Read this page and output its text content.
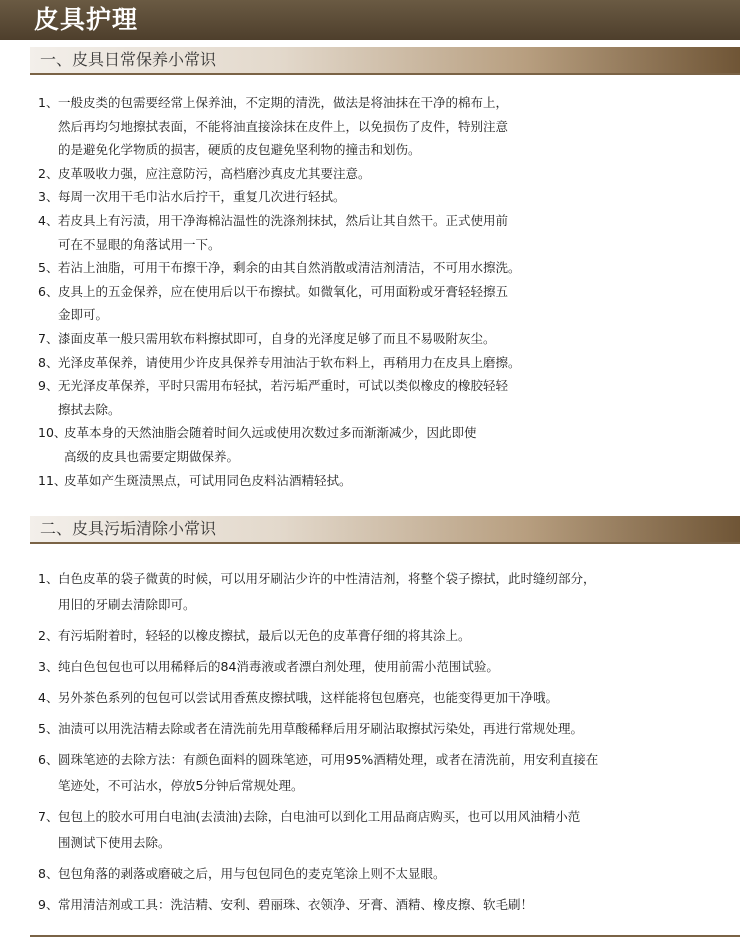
皮具护理
一、皮具日常保养小常识
1、 一般皮类的包需要经常上保养油，不定期的清洗，做法是将油抹在干净的棉布上，
然后再均匀地擦拭表面，不能将油直接涂抹在皮件上，以免损伤了皮件，特别注意
的是避免化学物质的损害，硬质的皮包避免坚利物的撞击和划伤。
2、 皮革吸收力强，应注意防污，高档磨沙真皮尤其要注意。
3、 每周一次用干毛巾沾水后拧干，重复几次进行轻拭。
4、 若皮具上有污渍，用干净海棉沾温性的洗涤剂抹拭，然后让其自然干。正式使用前
可在不显眼的角落试用一下。
5、 若沾上油脂，可用干布擦干净，剩余的由其自然消散或清洁剂清洁，不可用水擦洗。
6、 皮具上的五金保养，应在使用后以干布擦拭。如微氧化，可用面粉或牙膏轻轻擦五
金即可。
7、 漆面皮革一般只需用软布料擦拭即可，自身的光泽度足够了而且不易吸附灰尘。
8、 光泽皮革保养，请使用少许皮具保养专用油沾于软布料上，再稍用力在皮具上磨擦。
9、 无光泽皮革保养，平时只需用布轻拭，若污垢严重时，可试以类似橡皮的橡胶轻轻
擦拭去除。
10、
皮革本身的天然油脂会随着时间久远或使用次数过多而渐渐减少，因此即使
高级的皮具也需要定期做保养。
11、
皮革如产生斑渍黑点，可试用同色皮料沾酒精轻拭。
二、皮具污垢清除小常识
1、 白色皮革的袋子微黄的时候，可以用牙刷沾少许的中性清洁剂，将整个袋子擦拭，此时缝纫部分，
用旧的牙刷去清除即可。
2、 有污垢附着时，轻轻的以橡皮擦拭，最后以无色的皮革膏仔细的将其涂上。
3、 纯白色包包也可以用稀释后的84消毒液或者漂白剂处理，使用前需小范围试验。
4、 另外茶色系列的包包可以尝试用香蕉皮擦拭哦，这样能将包包磨亮，也能变得更加干净哦。
5、 油渍可以用洗洁精去除或者在清洗前先用草酸稀释后用牙刷沾取擦拭污染处，再进行常规处理。
6、 圆珠笔迹的去除方法：有颜色面料的圆珠笔迹，可用95%酒精处理，或者在清洗前，用安利直接在
笔迹处，不可沾水，停放5分钟后常规处理。
7、 包包上的胶水可用白电油(去渍油)去除，白电油可以到化工用品商店购买，也可以用风油精小范
围测试下使用去除。
8、 包包角落的剥落或磨破之后，用与包包同色的麦克笔涂上则不太显眼。
9、 常用清洁剂或工具：洗洁精、安利、碧丽珠、衣领净、牙膏、酒精、橡皮擦、软毛刷！
